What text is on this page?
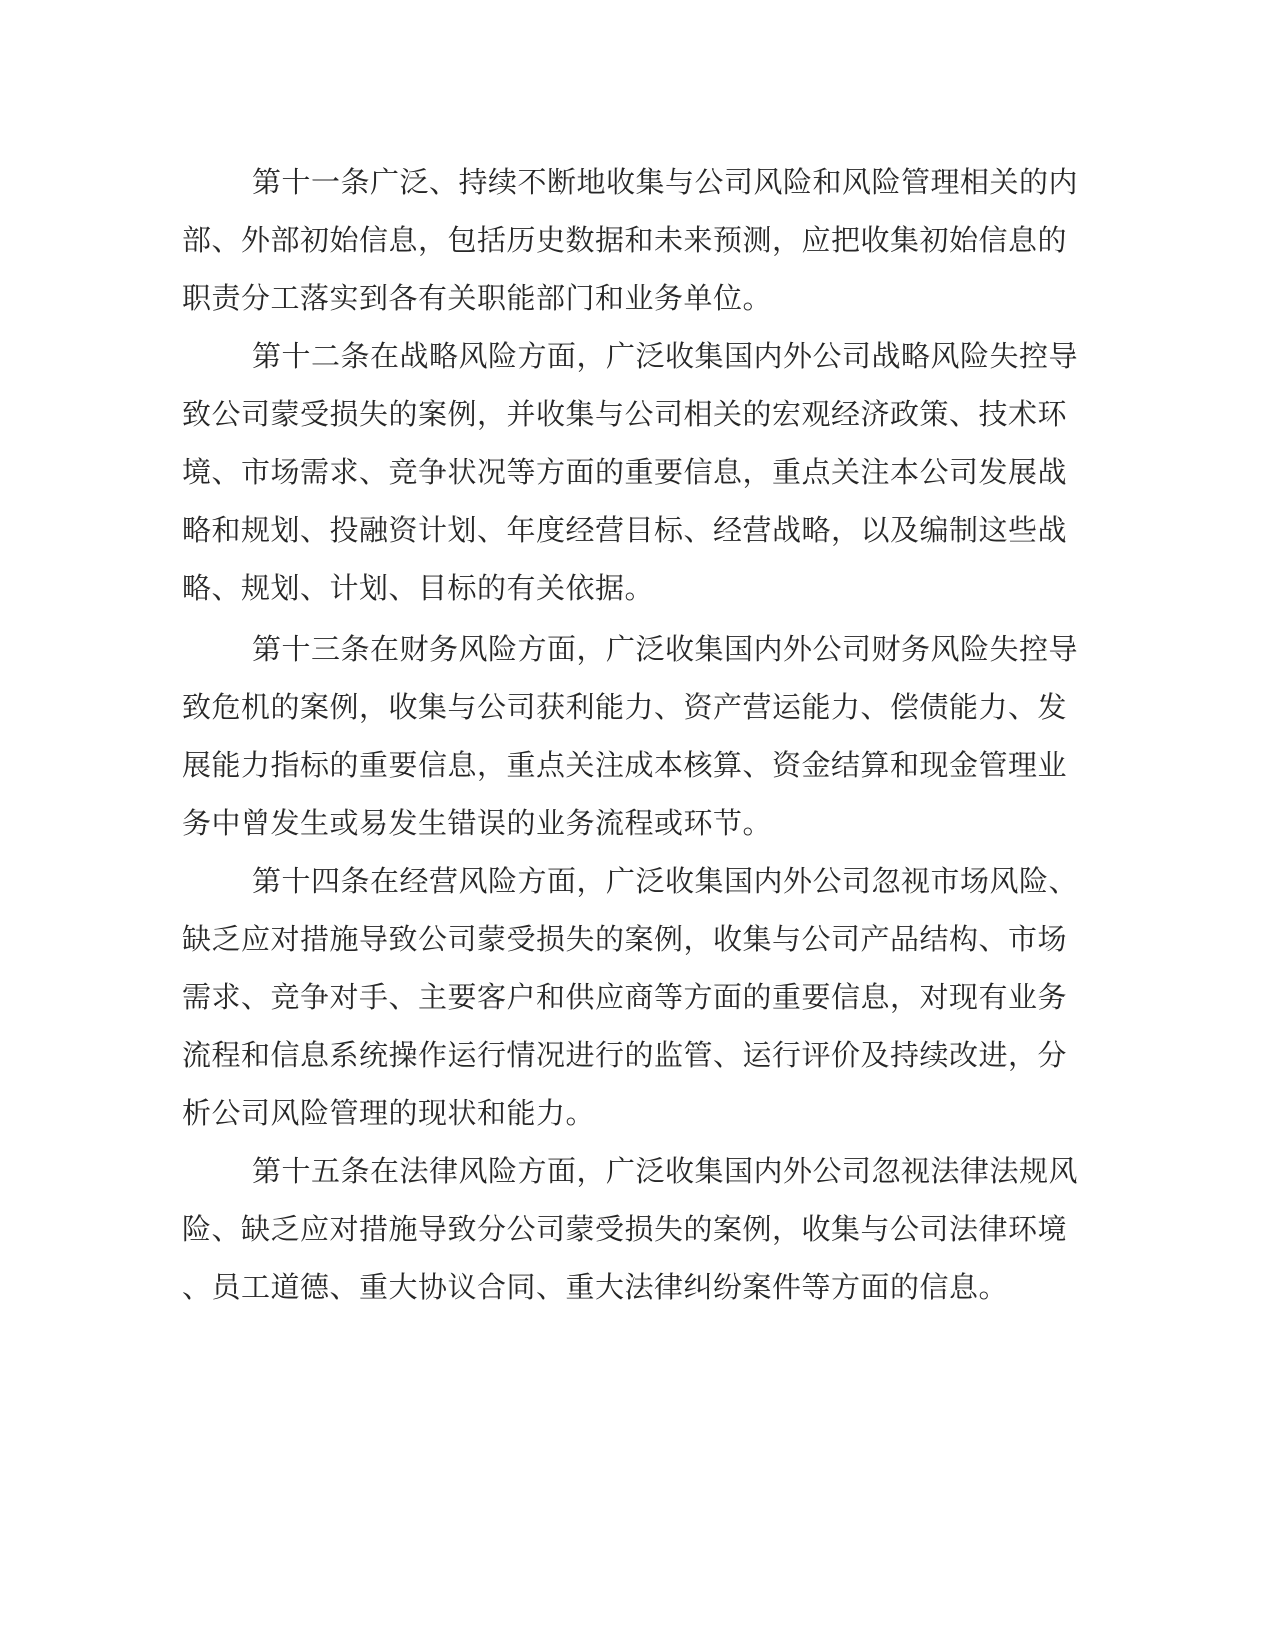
第十一条广泛、持续不断地收集与公司风险和风险管理相关的内
部、外部初始信息，包括历史数据和未来预测，应把收集初始信息的
职责分工落实到各有关职能部门和业务单位。
第十二条在战略风险方面，广泛收集国内外公司战略风险失控导
致公司蒙受损失的案例，并收集与公司相关的宏观经济政策、技术环
境、市场需求、竞争状况等方面的重要信息，重点关注本公司发展战
略和规划、投融资计划、年度经营目标、经营战略，以及编制这些战
略、规划、计划、目标的有关依据。
第十三条在财务风险方面，广泛收集国内外公司财务风险失控导
致危机的案例，收集与公司获利能力、资产营运能力、偿债能力、发
展能力指标的重要信息，重点关注成本核算、资金结算和现金管理业
务中曾发生或易发生错误的业务流程或环节。
第十四条在经营风险方面，广泛收集国内外公司忽视市场风险、
缺乏应对措施导致公司蒙受损失的案例，收集与公司产品结构、市场
需求、竞争对手、主要客户和供应商等方面的重要信息，对现有业务
流程和信息系统操作运行情况进行的监管、运行评价及持续改进，分
析公司风险管理的现状和能力。
第十五条在法律风险方面，广泛收集国内外公司忽视法律法规风
险、缺乏应对措施导致分公司蒙受损失的案例，收集与公司法律环境
、员工道德、重大协议合同、重大法律纠纷案件等方面的信息。
